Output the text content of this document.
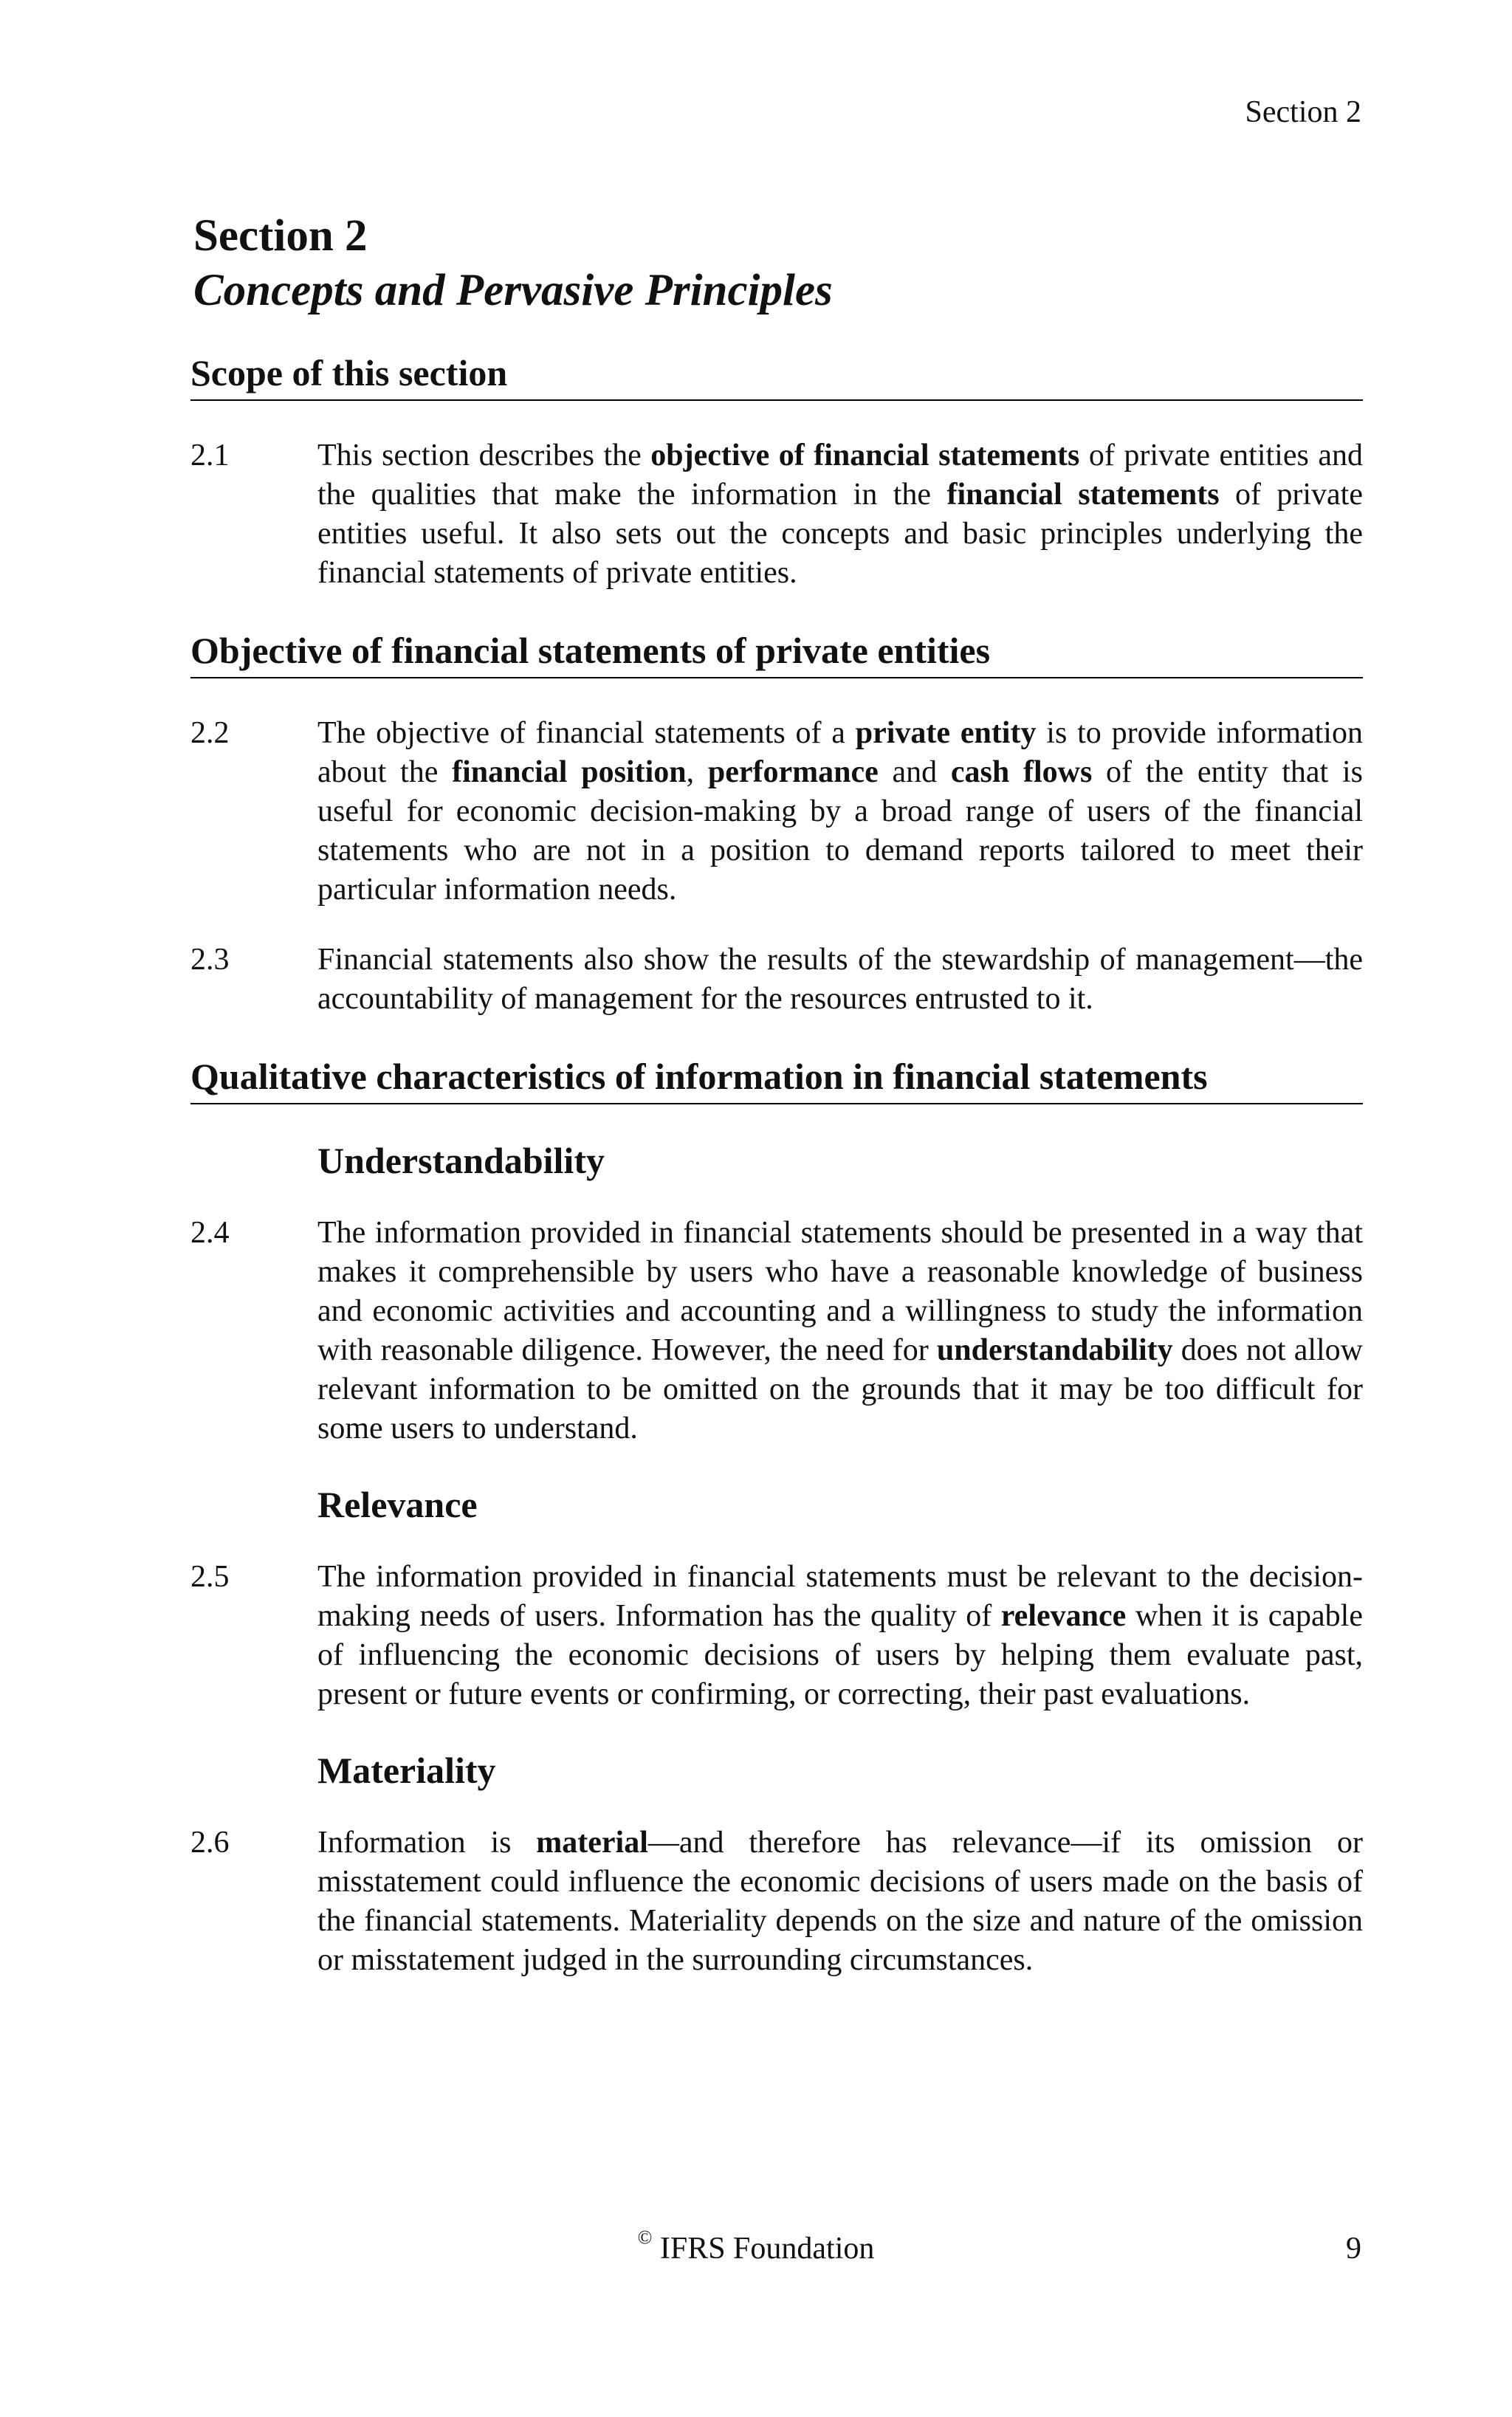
Section 2
Section 2
Concepts and Pervasive Principles
Scope of this section
2.1	This section describes the objective of financial statements of private entities and the qualities that make the information in the financial statements of private entities useful. It also sets out the concepts and basic principles underlying the financial statements of private entities.
Objective of financial statements of private entities
2.2	The objective of financial statements of a private entity is to provide information about the financial position, performance and cash flows of the entity that is useful for economic decision-making by a broad range of users of the financial statements who are not in a position to demand reports tailored to meet their particular information needs.
2.3	Financial statements also show the results of the stewardship of management—the accountability of management for the resources entrusted to it.
Qualitative characteristics of information in financial statements
Understandability
2.4	The information provided in financial statements should be presented in a way that makes it comprehensible by users who have a reasonable knowledge of business and economic activities and accounting and a willingness to study the information with reasonable diligence. However, the need for understandability does not allow relevant information to be omitted on the grounds that it may be too difficult for some users to understand.
Relevance
2.5	The information provided in financial statements must be relevant to the decision-making needs of users. Information has the quality of relevance when it is capable of influencing the economic decisions of users by helping them evaluate past, present or future events or confirming, or correcting, their past evaluations.
Materiality
2.6	Information is material—and therefore has relevance—if its omission or misstatement could influence the economic decisions of users made on the basis of the financial statements. Materiality depends on the size and nature of the omission or misstatement judged in the surrounding circumstances.
© IFRS Foundation	9
